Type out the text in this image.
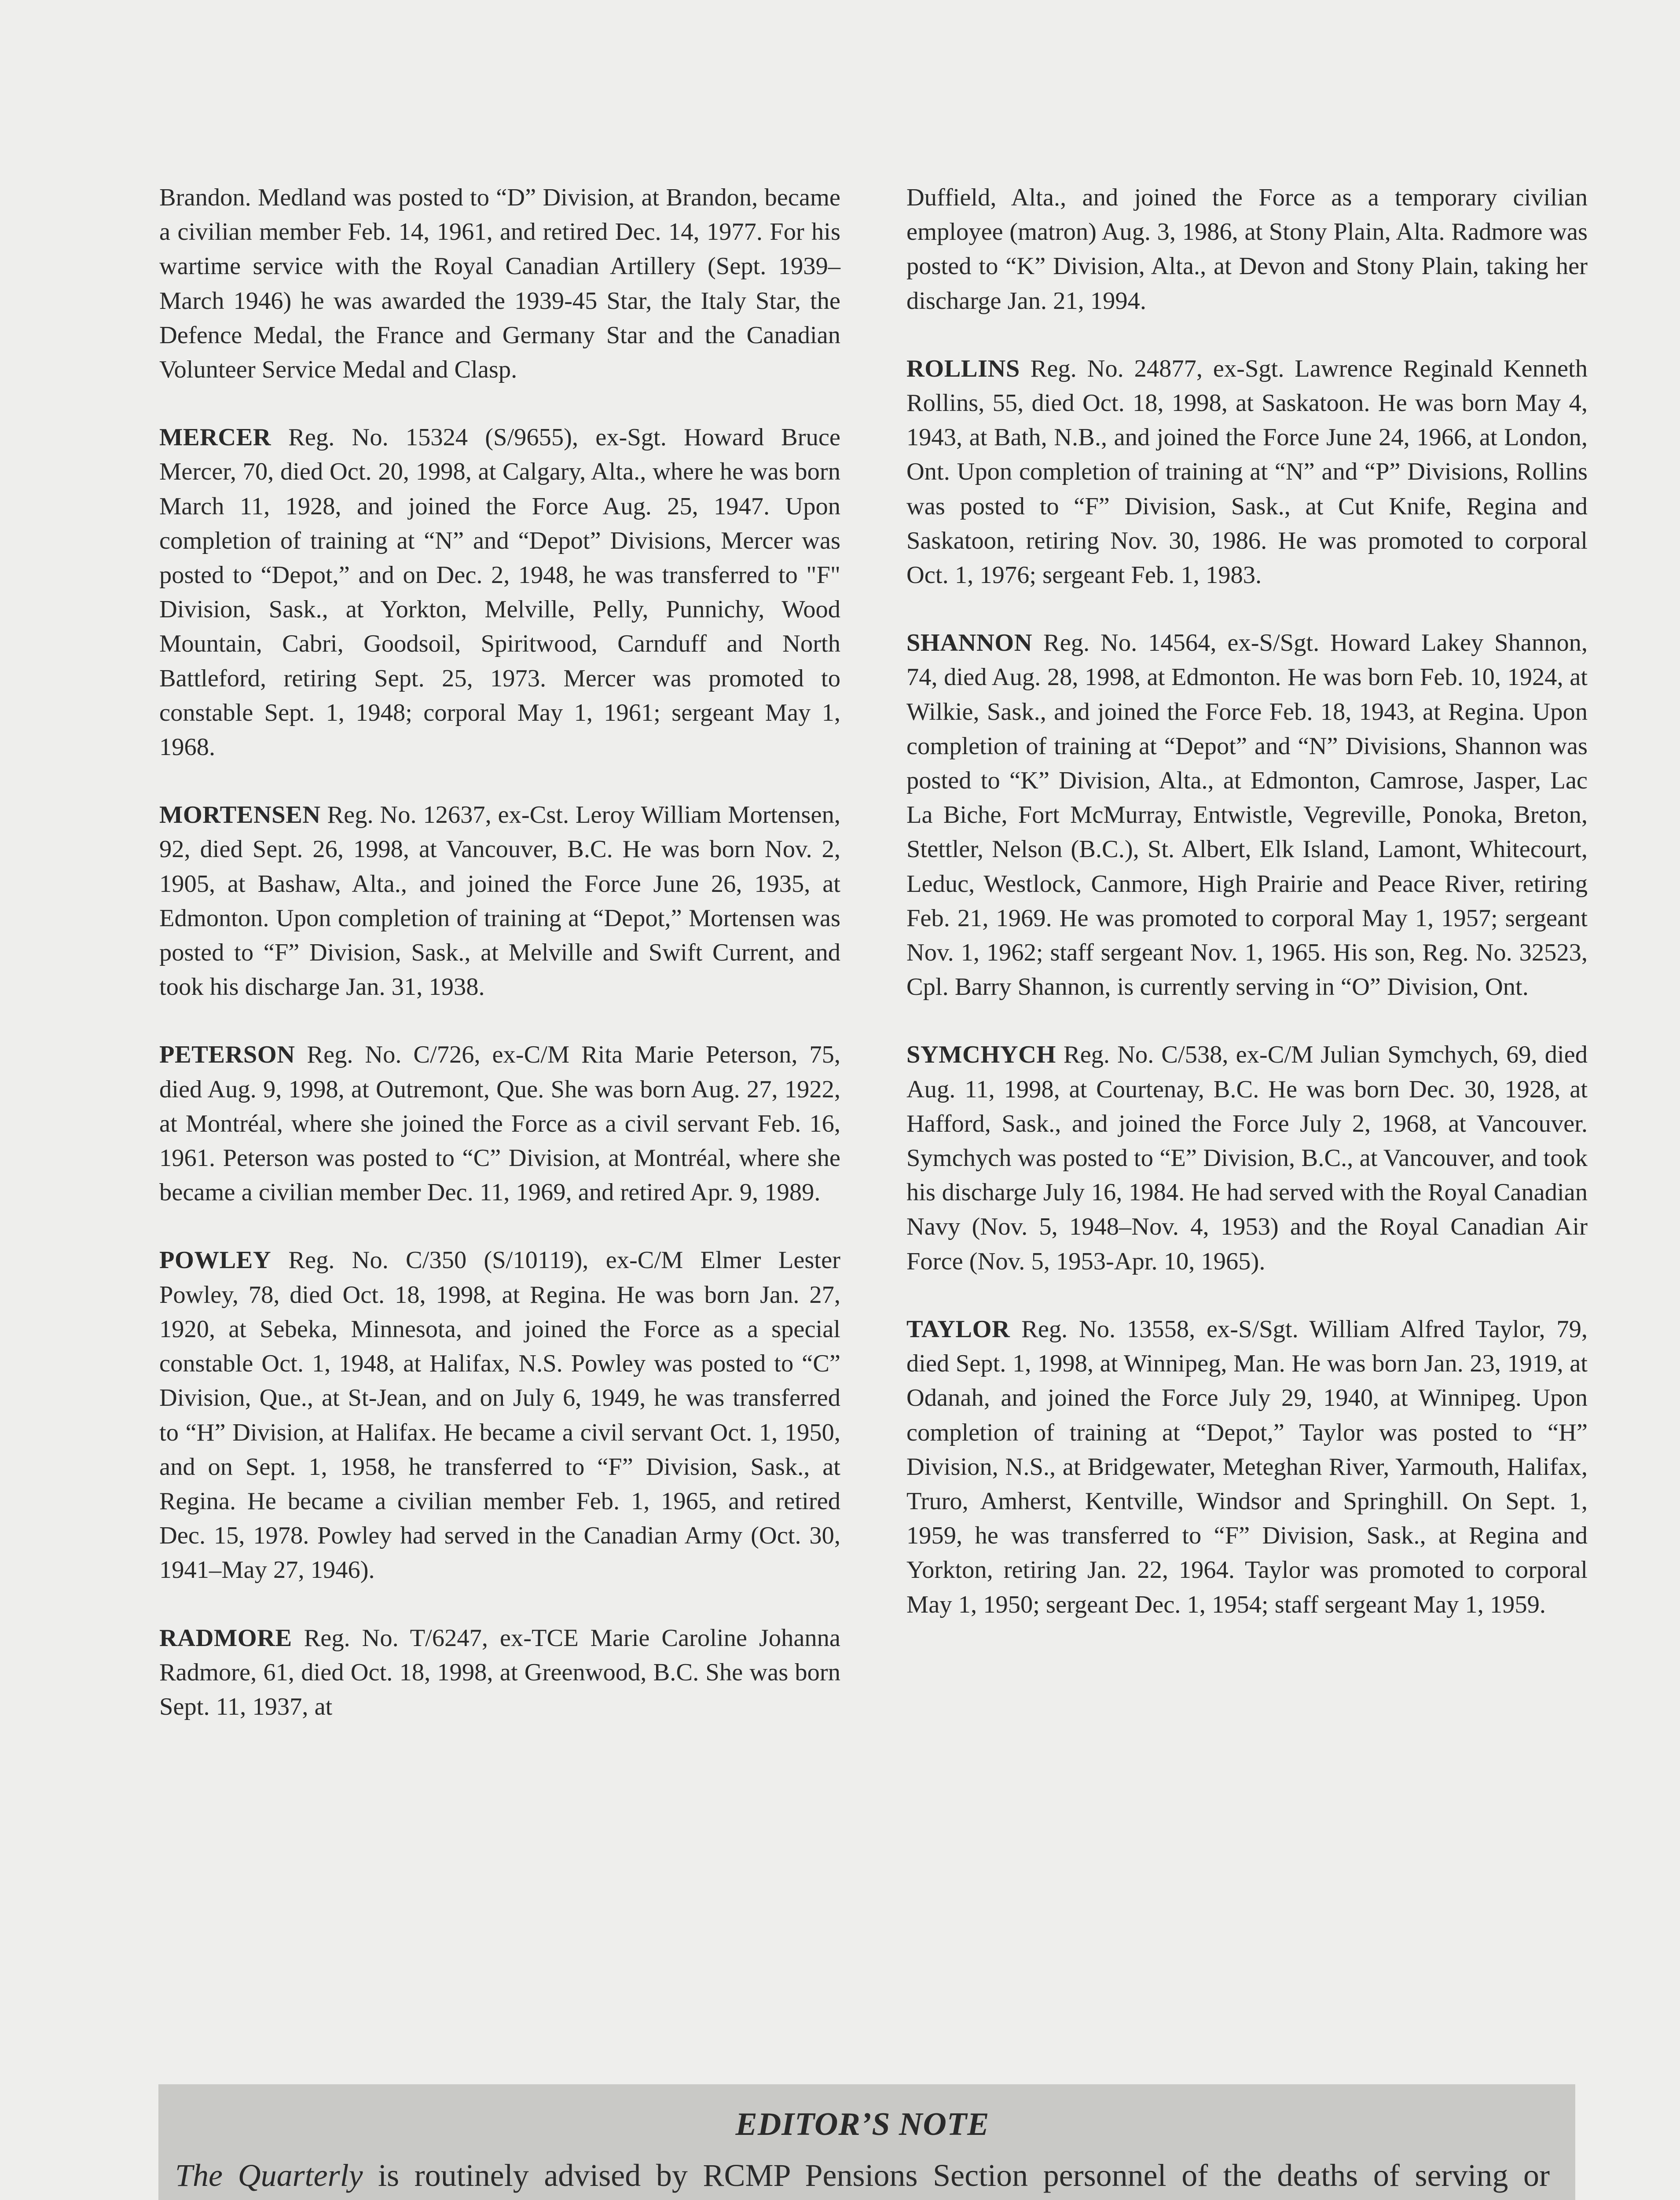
Brandon. Medland was posted to “D” Division, at Brandon, became a civilian member Feb. 14, 1961, and retired Dec. 14, 1977. For his wartime service with the Royal Canadian Artillery (Sept. 1939–March 1946) he was awarded the 1939-45 Star, the Italy Star, the Defence Medal, the France and Germany Star and the Canadian Volunteer Service Medal and Clasp.

MERCER Reg. No. 15324 (S/9655), ex-Sgt. Howard Bruce Mercer, 70, died Oct. 20, 1998, at Calgary, Alta., where he was born March 11, 1928, and joined the Force Aug. 25, 1947. Upon completion of training at “N” and “Depot” Divisions, Mercer was posted to “Depot,” and on Dec. 2, 1948, he was transferred to "F" Division, Sask., at Yorkton, Melville, Pelly, Punnichy, Wood Mountain, Cabri, Goodsoil, Spiritwood, Carnduff and North Battleford, retiring Sept. 25, 1973. Mercer was promoted to constable Sept. 1, 1948; corporal May 1, 1961; sergeant May 1, 1968.

MORTENSEN Reg. No. 12637, ex-Cst. Leroy William Mortensen, 92, died Sept. 26, 1998, at Vancouver, B.C. He was born Nov. 2, 1905, at Bashaw, Alta., and joined the Force June 26, 1935, at Edmonton. Upon completion of training at “Depot,” Mortensen was posted to “F” Division, Sask., at Melville and Swift Current, and took his discharge Jan. 31, 1938.

PETERSON Reg. No. C/726, ex-C/M Rita Marie Peterson, 75, died Aug. 9, 1998, at Outremont, Que. She was born Aug. 27, 1922, at Montréal, where she joined the Force as a civil servant Feb. 16, 1961. Peterson was posted to “C” Division, at Montréal, where she became a civilian member Dec. 11, 1969, and retired Apr. 9, 1989.

POWLEY Reg. No. C/350 (S/10119), ex-C/M Elmer Lester Powley, 78, died Oct. 18, 1998, at Regina. He was born Jan. 27, 1920, at Sebeka, Minnesota, and joined the Force as a special constable Oct. 1, 1948, at Halifax, N.S. Powley was posted to “C” Division, Que., at St-Jean, and on July 6, 1949, he was transferred to “H” Division, at Halifax. He became a civil servant Oct. 1, 1950, and on Sept. 1, 1958, he transferred to “F” Division, Sask., at Regina. He became a civilian member Feb. 1, 1965, and retired Dec. 15, 1978. Powley had served in the Canadian Army (Oct. 30, 1941–May 27, 1946).

RADMORE Reg. No. T/6247, ex-TCE Marie Caroline Johanna Radmore, 61, died Oct. 18, 1998, at Greenwood, B.C. She was born Sept. 11, 1937, at

Duffield, Alta., and joined the Force as a temporary civilian employee (matron) Aug. 3, 1986, at Stony Plain, Alta. Radmore was posted to “K” Division, Alta., at Devon and Stony Plain, taking her discharge Jan. 21, 1994.

ROLLINS Reg. No. 24877, ex-Sgt. Lawrence Reginald Kenneth Rollins, 55, died Oct. 18, 1998, at Saskatoon. He was born May 4, 1943, at Bath, N.B., and joined the Force June 24, 1966, at London, Ont. Upon completion of training at “N” and “P” Divisions, Rollins was posted to “F” Division, Sask., at Cut Knife, Regina and Saskatoon, retiring Nov. 30, 1986. He was promoted to corporal Oct. 1, 1976; sergeant Feb. 1, 1983.

SHANNON Reg. No. 14564, ex-S/Sgt. Howard Lakey Shannon, 74, died Aug. 28, 1998, at Edmonton. He was born Feb. 10, 1924, at Wilkie, Sask., and joined the Force Feb. 18, 1943, at Regina. Upon completion of training at “Depot” and “N” Divisions, Shannon was posted to “K” Division, Alta., at Edmonton, Camrose, Jasper, Lac La Biche, Fort McMurray, Entwistle, Vegreville, Ponoka, Breton, Stettler, Nelson (B.C.), St. Albert, Elk Island, Lamont, Whitecourt, Leduc, Westlock, Canmore, High Prairie and Peace River, retiring Feb. 21, 1969. He was promoted to corporal May 1, 1957; sergeant Nov. 1, 1962; staff sergeant Nov. 1, 1965. His son, Reg. No. 32523, Cpl. Barry Shannon, is currently serving in “O” Division, Ont.

SYMCHYCH Reg. No. C/538, ex-C/M Julian Symchych, 69, died Aug. 11, 1998, at Courtenay, B.C. He was born Dec. 30, 1928, at Hafford, Sask., and joined the Force July 2, 1968, at Vancouver. Symchych was posted to “E” Division, B.C., at Vancouver, and took his discharge July 16, 1984. He had served with the Royal Canadian Navy (Nov. 5, 1948–Nov. 4, 1953) and the Royal Canadian Air Force (Nov. 5, 1953-Apr. 10, 1965).

TAYLOR Reg. No. 13558, ex-S/Sgt. William Alfred Taylor, 79, died Sept. 1, 1998, at Winnipeg, Man. He was born Jan. 23, 1919, at Odanah, and joined the Force July 29, 1940, at Winnipeg. Upon completion of training at “Depot,” Taylor was posted to “H” Division, N.S., at Bridgewater, Meteghan River, Yarmouth, Halifax, Truro, Amherst, Kentville, Windsor and Springhill. On Sept. 1, 1959, he was transferred to “F” Division, Sask., at Regina and Yorkton, retiring Jan. 22, 1964. Taylor was promoted to corporal May 1, 1950; sergeant Dec. 1, 1954; staff sergeant May 1, 1959.

EDITOR’S NOTE
The Quarterly is routinely advised by RCMP Pensions Section personnel of the deaths of serving or
